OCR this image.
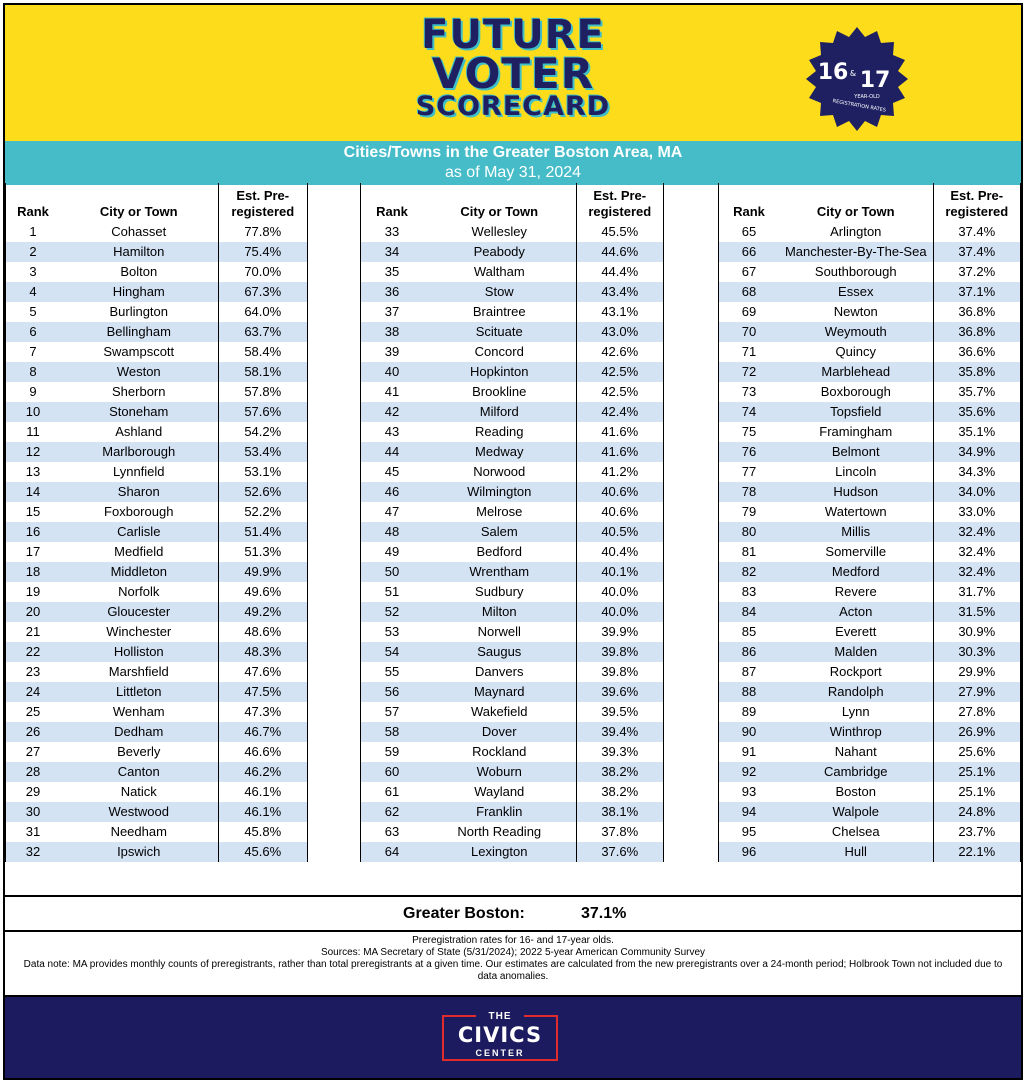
FUTURE
VOTER
SCORECARD
16 & 17
YEAR-OLD
REGISTRATION RATES
Cities/Towns in the Greater Boston Area, MA
as of May 31, 2024
Rank	City or Town	Est. Pre-
registered
1	Cohasset	77.8%
2	Hamilton	75.4%
3	Bolton	70.0%
4	Hingham	67.3%
5	Burlington	64.0%
6	Bellingham	63.7%
7	Swampscott	58.4%
8	Weston	58.1%
9	Sherborn	57.8%
10	Stoneham	57.6%
11	Ashland	54.2%
12	Marlborough	53.4%
13	Lynnfield	53.1%
14	Sharon	52.6%
15	Foxborough	52.2%
16	Carlisle	51.4%
17	Medfield	51.3%
18	Middleton	49.9%
19	Norfolk	49.6%
20	Gloucester	49.2%
21	Winchester	48.6%
22	Holliston	48.3%
23	Marshfield	47.6%
24	Littleton	47.5%
25	Wenham	47.3%
26	Dedham	46.7%
27	Beverly	46.6%
28	Canton	46.2%
29	Natick	46.1%
30	Westwood	46.1%
31	Needham	45.8%
32	Ipswich	45.6%
Rank	City or Town	Est. Pre-
registered
33	Wellesley	45.5%
34	Peabody	44.6%
35	Waltham	44.4%
36	Stow	43.4%
37	Braintree	43.1%
38	Scituate	43.0%
39	Concord	42.6%
40	Hopkinton	42.5%
41	Brookline	42.5%
42	Milford	42.4%
43	Reading	41.6%
44	Medway	41.6%
45	Norwood	41.2%
46	Wilmington	40.6%
47	Melrose	40.6%
48	Salem	40.5%
49	Bedford	40.4%
50	Wrentham	40.1%
51	Sudbury	40.0%
52	Milton	40.0%
53	Norwell	39.9%
54	Saugus	39.8%
55	Danvers	39.8%
56	Maynard	39.6%
57	Wakefield	39.5%
58	Dover	39.4%
59	Rockland	39.3%
60	Woburn	38.2%
61	Wayland	38.2%
62	Franklin	38.1%
63	North Reading	37.8%
64	Lexington	37.6%
Rank	City or Town	Est. Pre-
registered
65	Arlington	37.4%
66	Manchester-By-The-Sea	37.4%
67	Southborough	37.2%
68	Essex	37.1%
69	Newton	36.8%
70	Weymouth	36.8%
71	Quincy	36.6%
72	Marblehead	35.8%
73	Boxborough	35.7%
74	Topsfield	35.6%
75	Framingham	35.1%
76	Belmont	34.9%
77	Lincoln	34.3%
78	Hudson	34.0%
79	Watertown	33.0%
80	Millis	32.4%
81	Somerville	32.4%
82	Medford	32.4%
83	Revere	31.7%
84	Acton	31.5%
85	Everett	30.9%
86	Malden	30.3%
87	Rockport	29.9%
88	Randolph	27.9%
89	Lynn	27.8%
90	Winthrop	26.9%
91	Nahant	25.6%
92	Cambridge	25.1%
93	Boston	25.1%
94	Walpole	24.8%
95	Chelsea	23.7%
96	Hull	22.1%
Greater Boston:	37.1%
Preregistration rates for 16- and 17-year olds.
Sources: MA Secretary of State (5/31/2024); 2022 5-year American Community Survey
Data note: MA provides monthly counts of preregistrants, rather than total preregistrants at a given time. Our estimates are calculated from the new preregistrants over a 24-month period; Holbrook Town not included due to data anomalies.
THE
CIVICS
CENTER
